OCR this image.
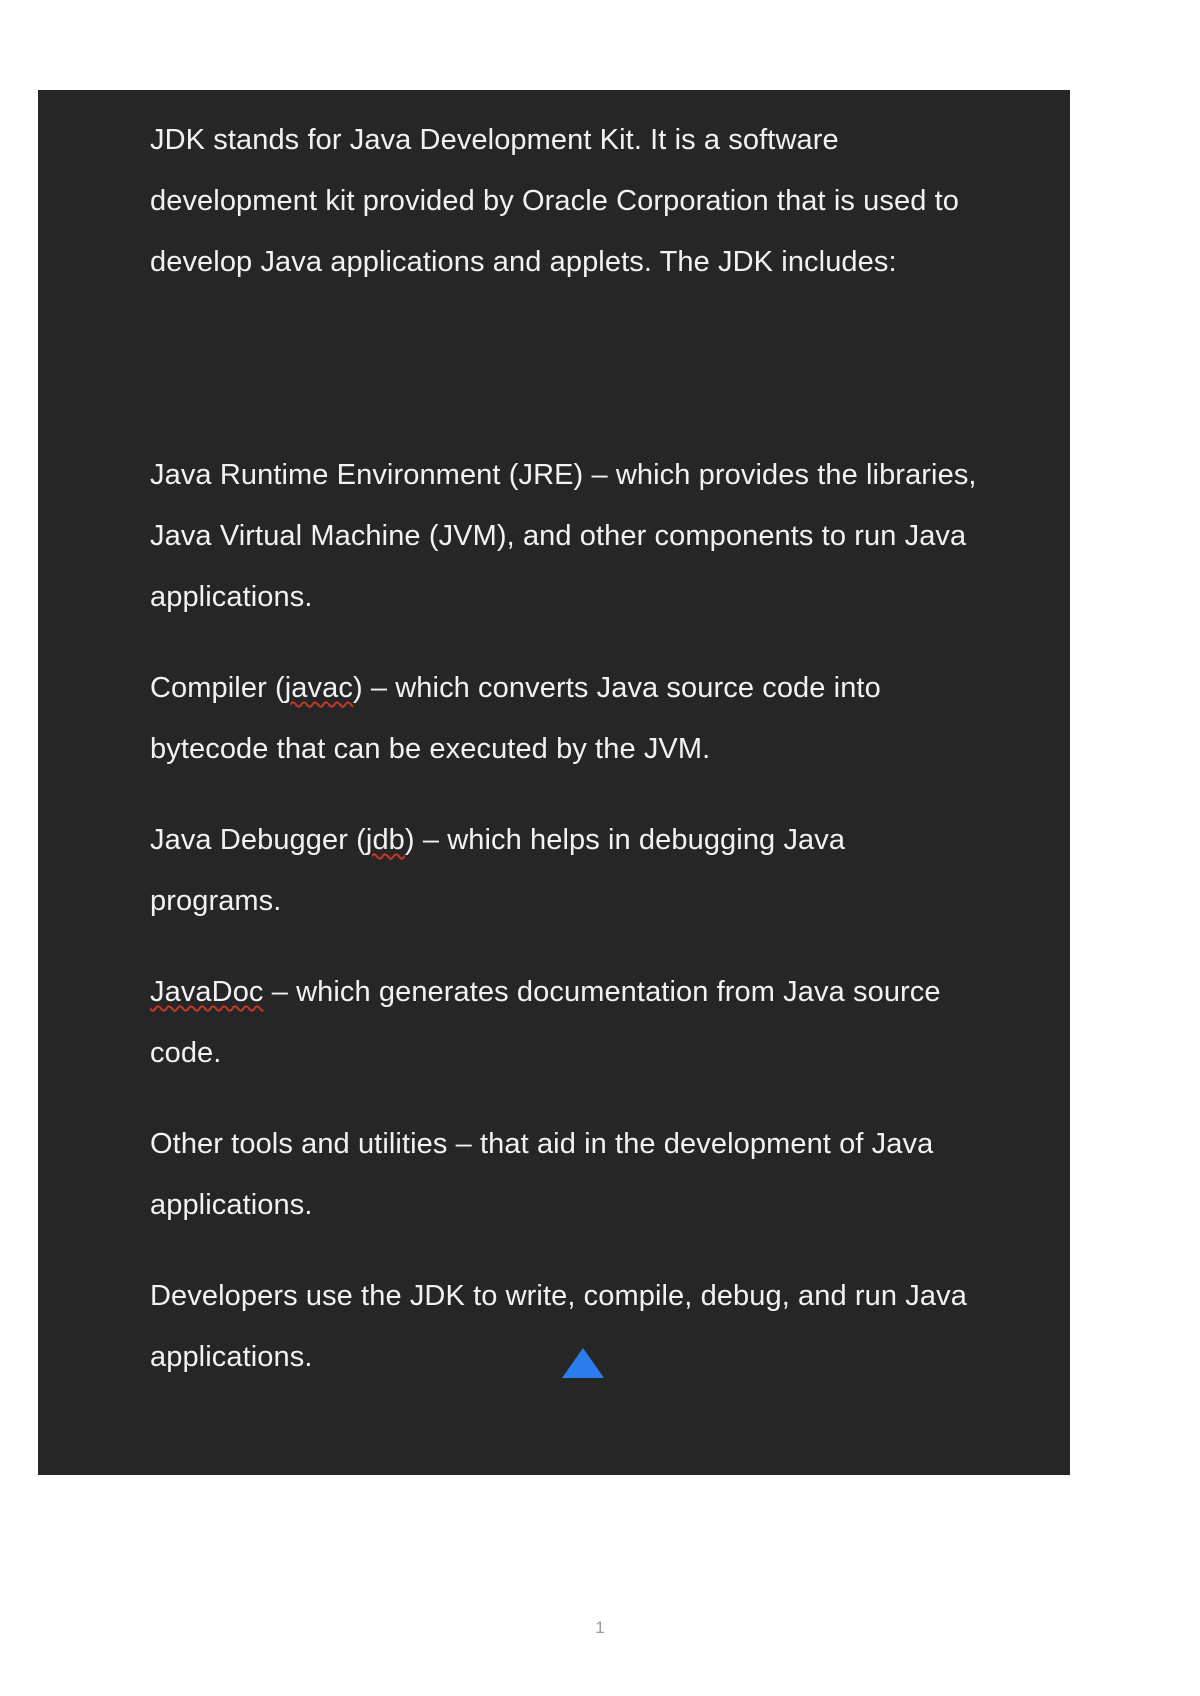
JDK stands for Java Development Kit. It is a software development kit provided by Oracle Corporation that is used to develop Java applications and applets. The JDK includes:

Java Runtime Environment (JRE) – which provides the libraries, Java Virtual Machine (JVM), and other components to run Java applications.

Compiler (javac) – which converts Java source code into bytecode that can be executed by the JVM.

Java Debugger (jdb) – which helps in debugging Java programs.

JavaDoc – which generates documentation from Java source code.

Other tools and utilities – that aid in the development of Java applications.

Developers use the JDK to write, compile, debug, and run Java applications.

1
